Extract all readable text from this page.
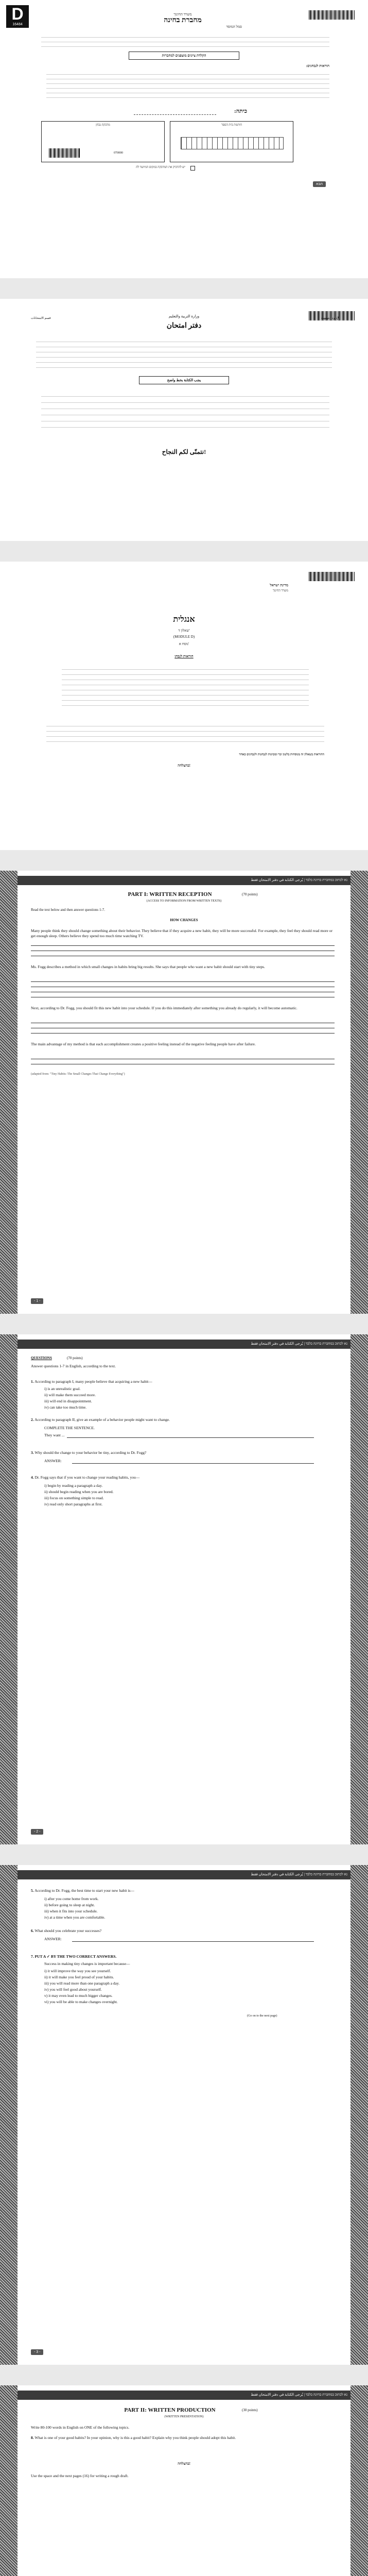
D
16484
משרד החינוך
מחברת בחינה
סמל המוסד
הקלדת ציונים מוצפנים למחברות
הוראות לנבחנים:
כיתה:
מדבקת נבחן
070000
חותמת בית הספר
יש להדביק את המדבקה במקום המיועד לה
הבא
وزارة التربية والتعليم
دفتر امتحان
الإدارة التربوية
قسم الامتحانات
يجب الكتابة بخط واضح
نتمنّى لكم النجاح!
מדינת ישראל
משרד החינוך
אנגלית
שאלון ד'
(MODULE D)
נוסח א'
הוראות לנבחן
ההוראות בשאלון זה מנוסחות בלשון זכר ומכוונות לנבחנות ולנבחנים כאחד
בהצלחה!
נא לכתוב במחברת בחינה בלבד | يُرجى الكتابة في دفتر الامتحان فقط
PART I: WRITTEN RECEPTION	(70 points)
(ACCESS TO INFORMATION FROM WRITTEN TEXTS)
Read the text below and then answer questions 1-7.
HOW CHANGES
Many people think they should change something about their behavior. They believe that if they acquire a new habit, they will be more successful. For example, they feel they should read more or get enough sleep. Others believe they spend too much time watching TV.
Ms. Fogg describes a method in which small changes in habits bring big results. She says that people who want a new habit should start with tiny steps.
Next, according to Dr. Fogg, you should fit this new habit into your schedule. If you do this immediately after something you already do regularly, it will become automatic.
The main advantage of my method is that each accomplishment creates a positive feeling instead of the negative feeling people have after failure.
(adapted from: "Tiny Habits: The Small Changes That Change Everything")
- 1 -
נא לכתוב במחברת בחינה בלבד | يُرجى الكتابة في دفتر الامتحان فقط
QUESTIONS	(70 points)
Answer questions 1-7 in English, according to the text.
1. According to paragraph I, many people believe that acquiring a new habit—
i) is an unrealistic goal.
ii) will make them succeed more.
iii) will end in disappointment.
iv) can take too much time.
2. According to paragraph II, give an example of a behavior people might want to change.
COMPLETE THE SENTENCE.
They want ...
3. Why should the change to your behavior be tiny, according to Dr. Fogg?
ANSWER:
4. Dr. Fogg says that if you want to change your reading habits, you—
i) begin by reading a paragraph a day.
ii) should begin reading when you are bored.
iii) focus on something simple to read.
iv) read only short paragraphs at first.
- 2 -
נא לכתוב במחברת בחינה בלבד | يُرجى الكتابة في دفتر الامتحان فقط
5. According to Dr. Fogg, the best time to start your new habit is—
i) after you come home from work.
ii) before going to sleep at night.
iii) when it fits into your schedule.
iv) at a time when you are comfortable.
6. What should you celebrate your successes?
ANSWER:
7. PUT A ✓ BY THE TWO CORRECT ANSWERS.
Success in making tiny changes is important because—
i) it will improve the way you see yourself.
ii) it will make you feel proud of your habits.
iii) you will read more than one paragraph a day.
iv) you will feel good about yourself.
v) it may even lead to much bigger changes.
vi) you will be able to make changes overnight.
(Go on to the next page)
- 3 -
נא לכתוב במחברת בחינה בלבד | يُرجى الكتابة في دفتر الامتحان فقط
PART II: WRITTEN PRODUCTION	(30 points)
(WRITTEN PRESENTATION)
Write 80-100 words in English on ONE of the following topics.
8. What is one of your good habits? In your opinion, why is this a good habit? Explain why you think people should adopt this habit.
בהצלחה!
Use the space and the next pages (16) for writing a rough draft.
